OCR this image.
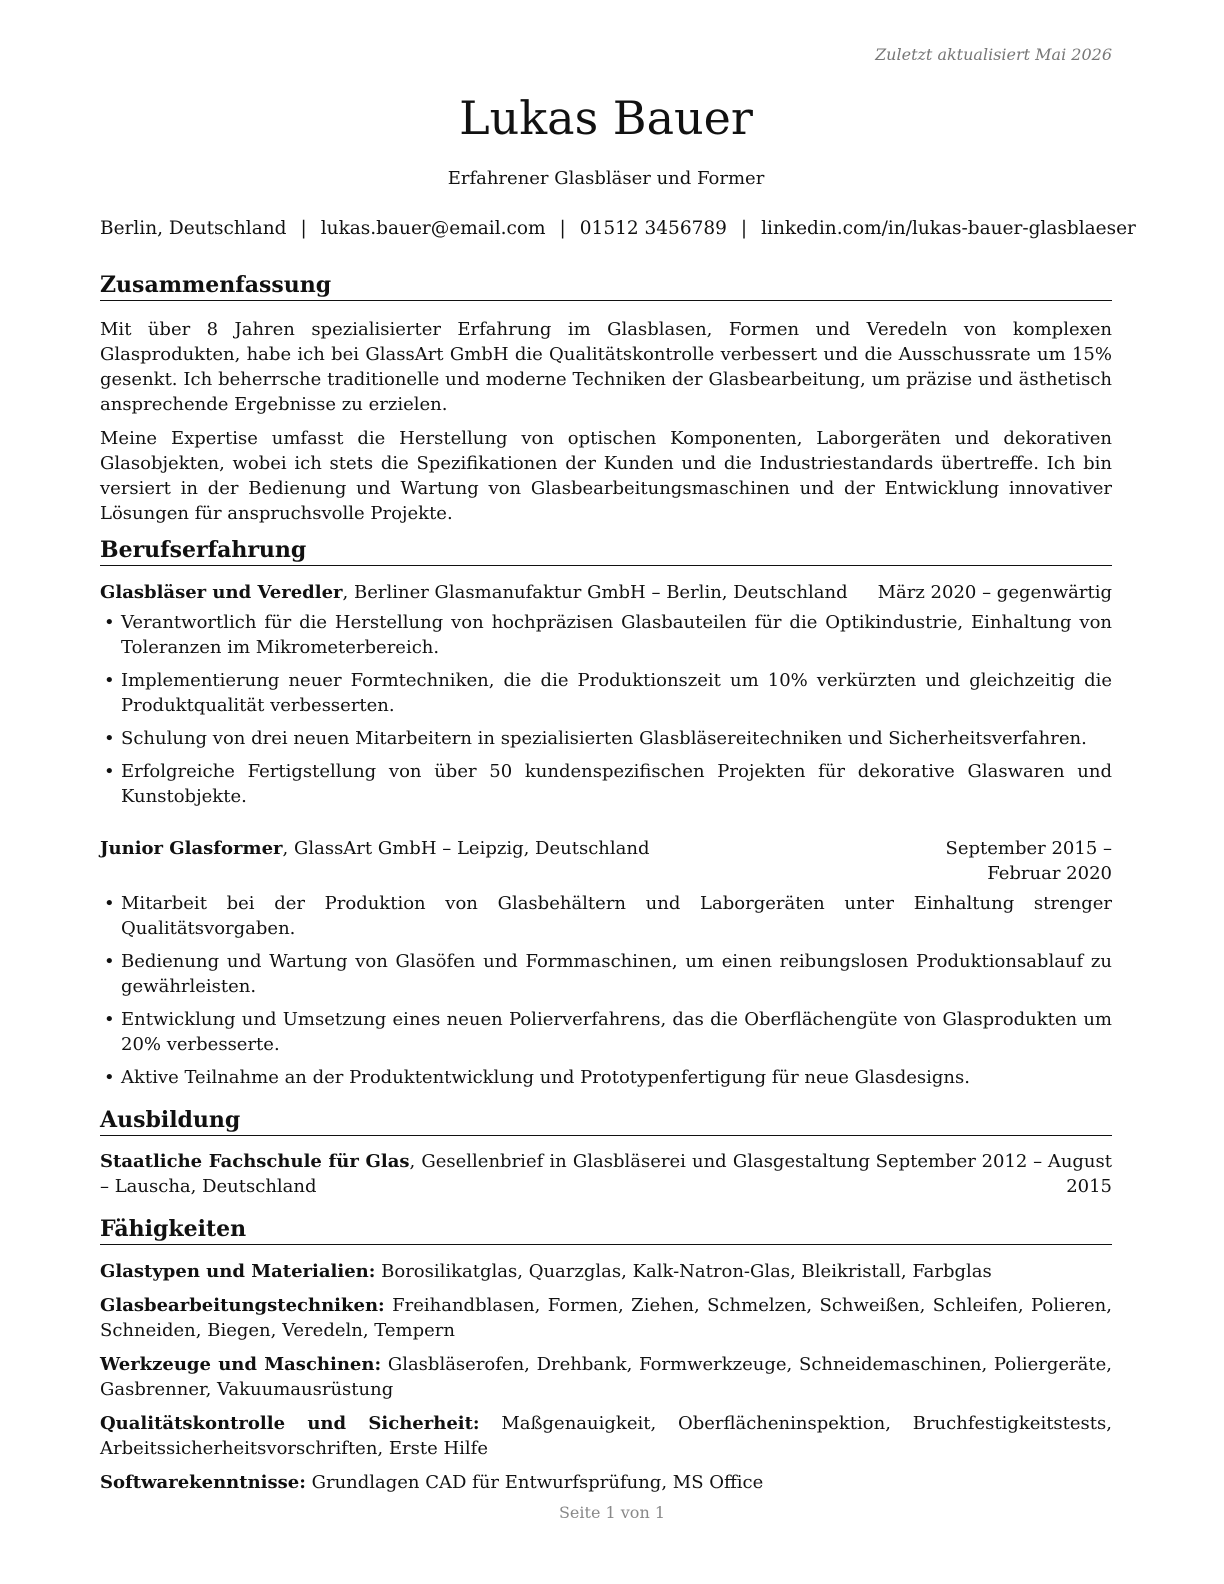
Zuletzt aktualisiert Mai 2026
Lukas Bauer
Erfahrener Glasbläser und Former
Berlin, Deutschland | lukas.bauer@email.com | 01512 3456789 | linkedin.com/in/lukas-bauer-glasblaeser
Zusammenfassung

Mit über 8 Jahren spezialisierter Erfahrung im Glasblasen, Formen und Veredeln von komplexen Glasprodukten, habe ich bei GlassArt GmbH die Qualitätskontrolle verbessert und die Ausschussrate um 15% gesenkt. Ich beherrsche traditionelle und moderne Techniken der Glasbearbeitung, um präzise und ästhetisch ansprechende Ergebnisse zu erzielen.

Meine Expertise umfasst die Herstellung von optischen Komponenten, Laborgeräten und dekorativen Glasobjekten, wobei ich stets die Spezifikationen der Kunden und die Industriestandards übertreffe. Ich bin versiert in der Bedienung und Wartung von Glasbearbeitungsmaschinen und der Entwicklung innovativer Lösungen für anspruchsvolle Projekte.

Berufserfahrung
Glasbläser und Veredler, Berliner Glasmanufaktur GmbH – Berlin, Deutschland März 2020 – gegenwärtig
• Verantwortlich für die Herstellung von hochpräzisen Glasbauteilen für die Optikindustrie, Einhaltung von Toleranzen im Mikrometerbereich.
• Implementierung neuer Formtechniken, die die Produktionszeit um 10% verkürzten und gleichzeitig die Produktqualität verbesserten.
• Schulung von drei neuen Mitarbeitern in spezialisierten Glasbläsereitechniken und Sicherheitsverfahren.
• Erfolgreiche Fertigstellung von über 50 kundenspezifischen Projekten für dekorative Glaswaren und Kunstobjekte.
Junior Glasformer, GlassArt GmbH – Leipzig, Deutschland	September 2015 – Februar 2020
• Mitarbeit bei der Produktion von Glasbehältern und Laborgeräten unter Einhaltung strenger Qualitätsvorgaben.
• Bedienung und Wartung von Glasöfen und Formmaschinen, um einen reibungslosen Produktionsablauf zu gewährleisten.
• Entwicklung und Umsetzung eines neuen Polierverfahrens, das die Oberflächengüte von Glasprodukten um 20% verbesserte.
• Aktive Teilnahme an der Produktentwicklung und Prototypenfertigung für neue Glasdesigns.
Ausbildung
Staatliche Fachschule für Glas, Gesellenbrief in Glasbläserei und Glasgestaltung – Lauscha, Deutschland
September 2012 – August 2015
Fähigkeiten
Glastypen und Materialien: Borosilikatglas, Quarzglas, Kalk-Natron-Glas, Bleikristall, Farbglas
Glasbearbeitungstechniken: Freihandblasen, Formen, Ziehen, Schmelzen, Schweißen, Schleifen, Polieren, Schneiden, Biegen, Veredeln, Tempern
Werkzeuge und Maschinen: Glasbläserofen, Drehbank, Formwerkzeuge, Schneidemaschinen, Poliergeräte, Gasbrenner, Vakuumausrüstung
Qualitätskontrolle und Sicherheit: Maßgenauigkeit, Oberflächeninspektion, Bruchfestigkeitstests, Arbeitssicherheitsvorschriften, Erste Hilfe
Softwarekenntnisse: Grundlagen CAD für Entwurfsprüfung, MS Office
Seite 1 von 1
